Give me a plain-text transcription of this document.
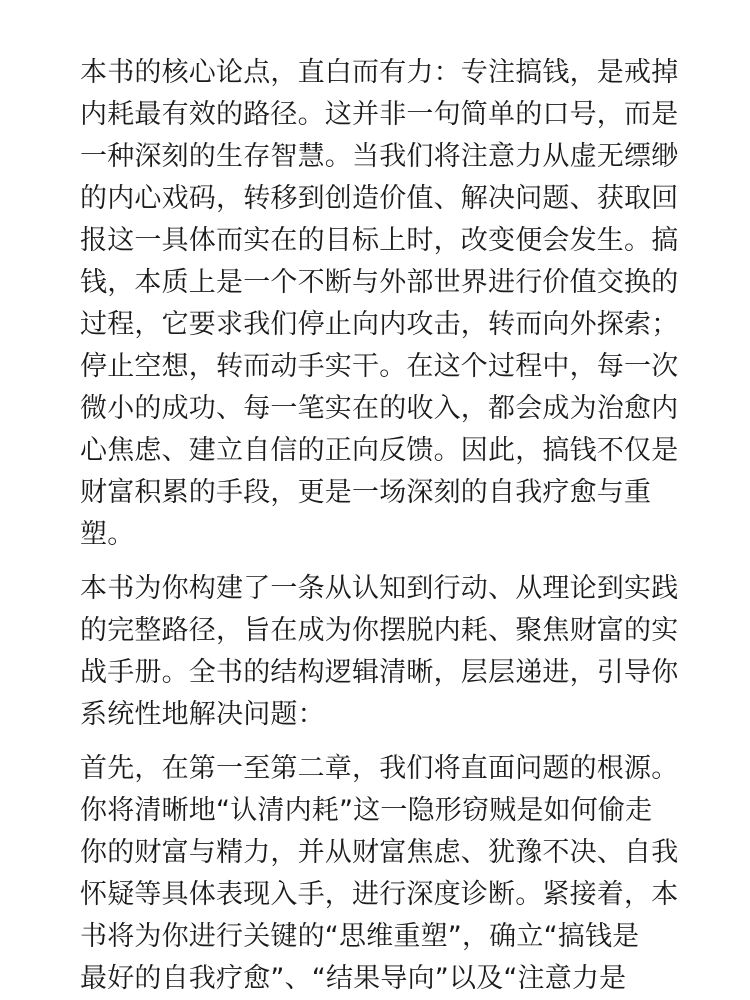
本书的核心论点，直白而有力：专注搞钱，是戒掉
内耗最有效的路径。这并非一句简单的口号，而是
一种深刻的生存智慧。当我们将注意力从虚无缥缈
的内心戏码，转移到创造价值、解决问题、获取回
报这一具体而实在的目标上时，改变便会发生。搞
钱，本质上是一个不断与外部世界进行价值交换的
过程，它要求我们停止向内攻击，转而向外探索；
停止空想，转而动手实干。在这个过程中，每一次
微小的成功、每一笔实在的收入，都会成为治愈内
心焦虑、建立自信的正向反馈。因此，搞钱不仅是
财富积累的手段，更是一场深刻的自我疗愈与重
塑。
本书为你构建了一条从认知到行动、从理论到实践
的完整路径，旨在成为你摆脱内耗、聚焦财富的实
战手册。全书的结构逻辑清晰，层层递进，引导你
系统性地解决问题：
首先，在第一至第二章，我们将直面问题的根源。
你将清晰地“认清内耗”这一隐形窃贼是如何偷走
你的财富与精力，并从财富焦虑、犹豫不决、自我
怀疑等具体表现入手，进行深度诊断。紧接着，本
书将为你进行关键的“思维重塑”，确立“搞钱是
最好的自我疗愈”、“结果导向”以及“注意力是
